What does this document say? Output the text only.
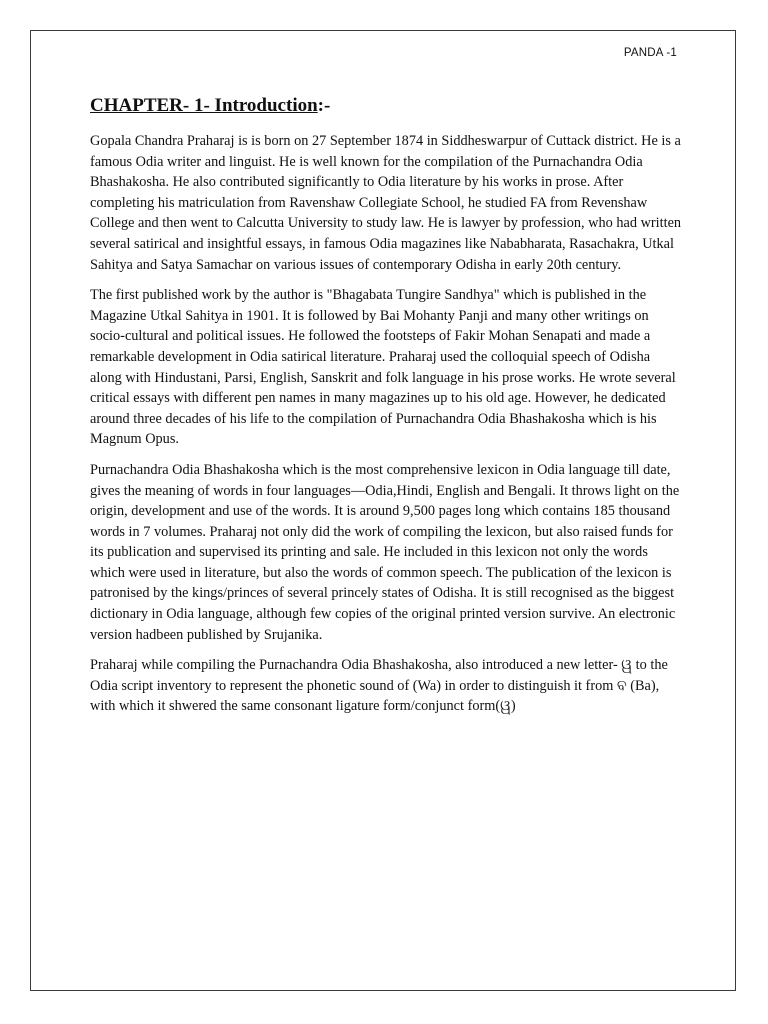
PANDA -1
CHAPTER- 1- Introduction:-

Gopala Chandra Praharaj is is born on 27 September 1874 in Siddheswarpur of Cuttack district. He is a famous Odia writer and linguist. He is well known for the compilation of the Purnachandra Odia Bhashakosha. He also contributed significantly to Odia literature by his works in prose. After completing his matriculation from Ravenshaw Collegiate School, he studied FA from Revenshaw College and then went to Calcutta University to study law. He is lawyer by profession, who had written several satirical and insightful essays, in famous Odia magazines like Nababharata, Rasachakra, Utkal Sahitya and Satya Samachar on various issues of contemporary Odisha in early 20th century.

The first published work by the author is "Bhagabata Tungire Sandhya" which is published in the Magazine Utkal Sahitya in 1901. It is followed by Bai Mohanty Panji and many other writings on socio-cultural and political issues. He followed the footsteps of Fakir Mohan Senapati and made a remarkable development in Odia satirical literature. Praharaj used the colloquial speech of Odisha along with Hindustani, Parsi, English, Sanskrit and folk language in his prose works. He wrote several critical essays with different pen names in many magazines up to his old age. However, he dedicated around three decades of his life to the compilation of Purnachandra Odia Bhashakosha which is his Magnum Opus.

Purnachandra Odia Bhashakosha which is the most comprehensive lexicon in Odia language till date, gives the meaning of words in four languages—Odia,Hindi, English and Bengali. It throws light on the origin, development and use of the words. It is around 9,500 pages long which contains 185 thousand words in 7 volumes. Praharaj not only did the work of compiling the lexicon, but also raised funds for its publication and supervised its printing and sale. He included in this lexicon not only the words which were used in literature, but also the words of common speech. The publication of the lexicon is patronised by the kings/princes of several princely states of Odisha. It is still recognised as the biggest dictionary in Odia language, although few copies of the original printed version survive. An electronic version hadbeen published by Srujanika.

Praharaj while compiling the Purnachandra Odia Bhashakosha, also introduced a new letter- ୱ to the Odia script inventory to represent the phonetic sound of (Wa) in order to distinguish it from ବ (Ba), with which it shwered the same consonant ligature form/conjunct form(ୱ)
